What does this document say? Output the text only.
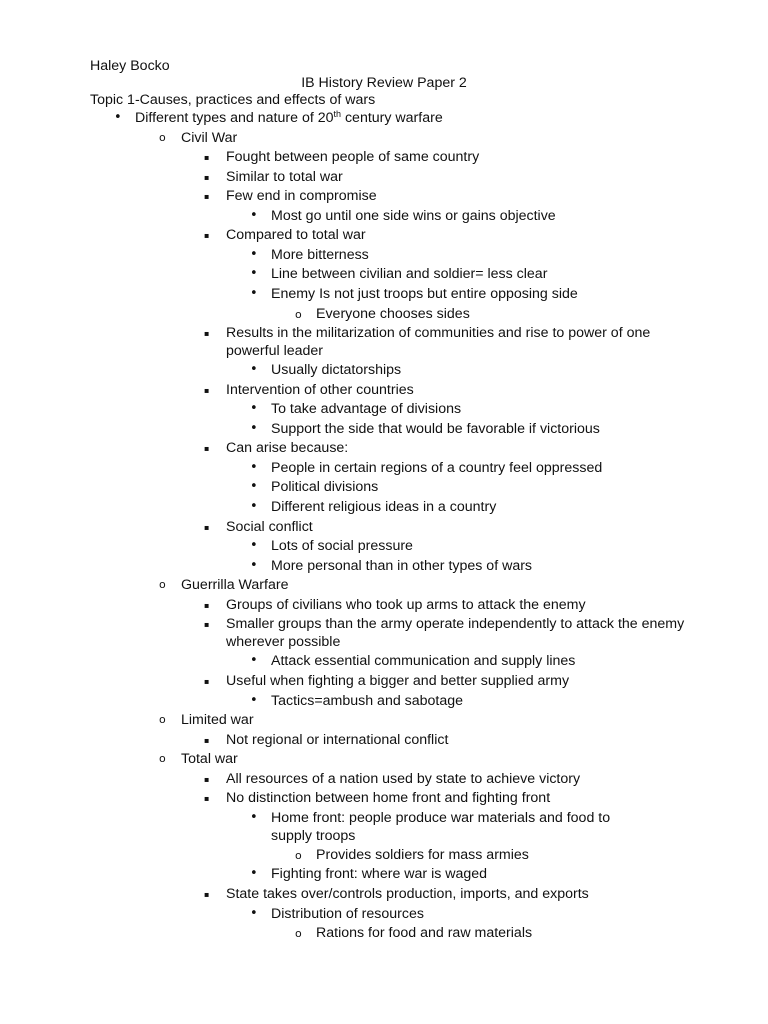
Haley Bocko
IB History Review Paper 2
Topic 1-Causes, practices and effects of wars
• Different types and nature of 20th century warfare
o Civil War
▪ Fought between people of same country
▪ Similar to total war
▪ Few end in compromise
• Most go until one side wins or gains objective
▪ Compared to total war
• More bitterness
• Line between civilian and soldier= less clear
• Enemy Is not just troops but entire opposing side
o Everyone chooses sides
▪ Results in the militarization of communities and rise to power of one powerful leader
• Usually dictatorships
▪ Intervention of other countries
• To take advantage of divisions
• Support the side that would be favorable if victorious
▪ Can arise because:
• People in certain regions of a country feel oppressed
• Political divisions
• Different religious ideas in a country
▪ Social conflict
• Lots of social pressure
• More personal than in other types of wars
o Guerrilla Warfare
▪ Groups of civilians who took up arms to attack the enemy
▪ Smaller groups than the army operate independently to attack the enemy wherever possible
• Attack essential communication and supply lines
▪ Useful when fighting a bigger and better supplied army
• Tactics=ambush and sabotage
o Limited war
▪ Not regional or international conflict
o Total war
▪ All resources of a nation used by state to achieve victory
▪ No distinction between home front and fighting front
• Home front: people produce war materials and food to supply troops
o Provides soldiers for mass armies
• Fighting front: where war is waged
▪ State takes over/controls production, imports, and exports
• Distribution of resources
o Rations for food and raw materials
